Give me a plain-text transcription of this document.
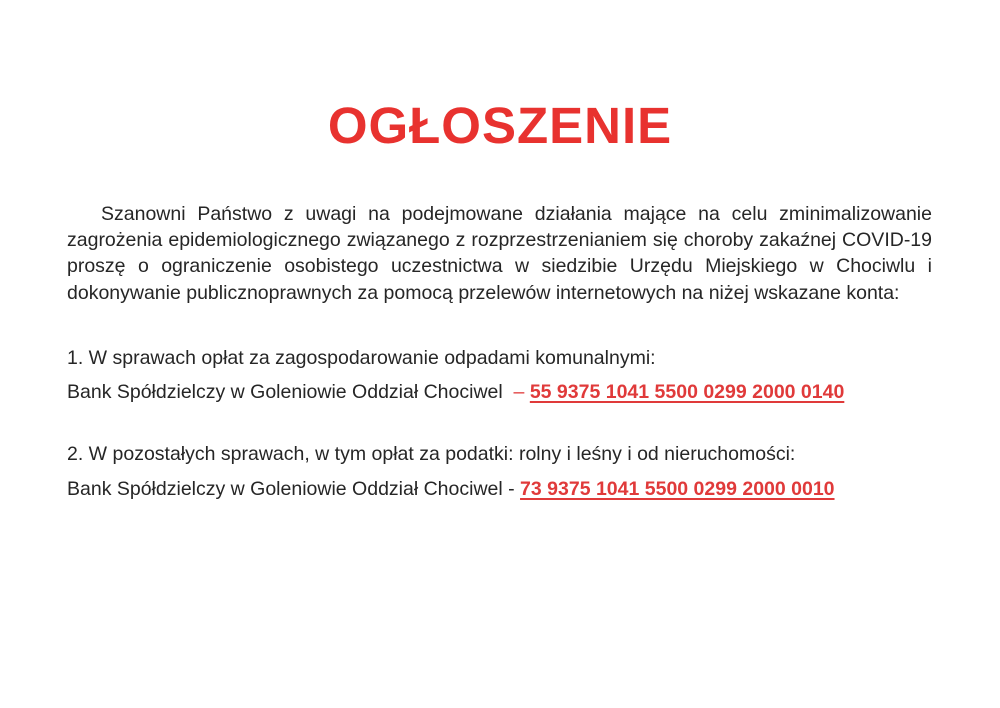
OGŁOSZENIE
Szanowni Państwo z uwagi na podejmowane działania mające na celu zminimalizowanie zagrożenia epidemiologicznego związanego z rozprzestrzenianiem się choroby zakaźnej COVID-19 proszę o ograniczenie osobistego uczestnictwa w siedzibie Urzędu Miejskiego w Chociwlu i dokonywanie publicznoprawnych za pomocą przelewów internetowych na niżej wskazane konta:
1. W sprawach opłat za zagospodarowanie odpadami komunalnymi:
Bank Spółdzielczy w Goleniowie Oddział Chociwel – 55 9375 1041 5500 0299 2000 0140
2. W pozostałych sprawach, w tym opłat za podatki: rolny i leśny i od nieruchomości:
Bank Spółdzielczy w Goleniowie Oddział Chociwel - 73 9375 1041 5500 0299 2000 0010
